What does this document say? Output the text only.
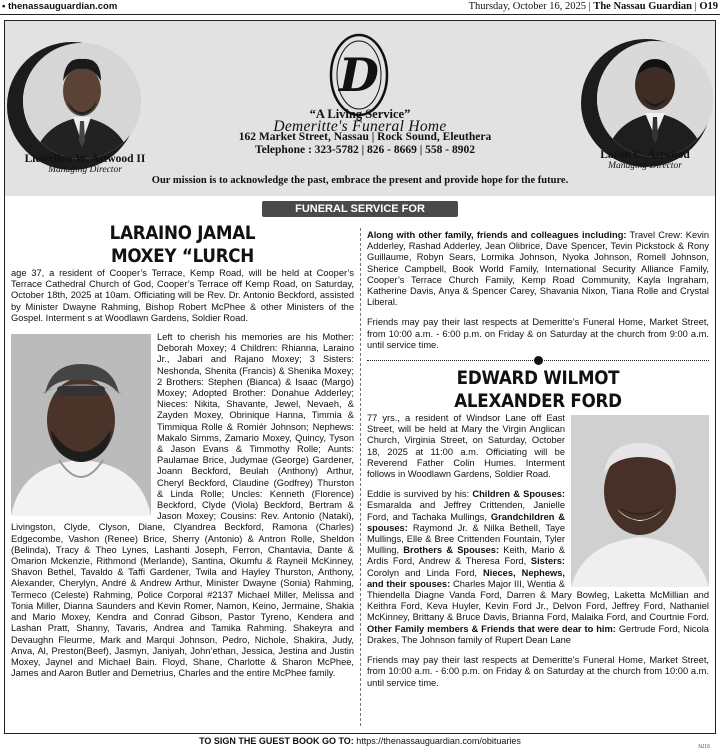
▪ thenassauguardian.com	Thursday, October 16, 2025 | The Nassau Guardian | O19
Llewellyn W. Astwood II
Managing Director
Laron C. Astwood
Managing Director
D
“A Living Service”
Demeritte's Funeral Home
162 Market Street, Nassau | Rock Sound, Eleuthera
Telephone : 323-5782 | 826 - 8669 | 558 - 8902
Our mission is to acknowledge the past, embrace the present and provide hope for the future.
FUNERAL SERVICE FOR
LARAINO JAMAL
MOXEY “LURCH

age 37, a resident of Cooper’s Terrace, Kemp Road, will be held at Cooper’s Terrace Cathedral Church of God, Cooper’s Terrace off Kemp Road, on Saturday, October 18th, 2025 at 10am. Officiating will be Rev. Dr. Antonio Beckford, assisted by Minister Dwayne Rahming, Bishop Robert McPhee & other Ministers of the Gospel. Interment s at Woodlawn Gardens, Soldier Road.

Left to cherish his memories are his Mother: Deborah Moxey; 4 Children: Rhianna, Laraino Jr., Jabari and Rajano Moxey; 3 Sisters: Neshonda, Shenita (Francis) & Shenika Moxey; 2 Brothers: Stephen (Bianca) & Isaac (Margo) Moxey; Adopted Brother: Donahue Adderley; Nieces: Nikita, Shavante, Jewel, Nevaeh, & Zayden Moxey, Obrinique Hanna, Timmia & Timmiqua Rolle & Romiér Johnson; Nephews: Makalo Simms, Zamario Moxey, Quincy, Tyson & Jason Evans & Timmothy Rolle; Aunts: Paulamae Brice, Judymae (George) Gardener, Joann Beckford, Beulah (Anthony) Arthur, Cheryl Beckford, Claudine (Godfrey) Thurston & Linda Rolle; Uncles: Kenneth (Florence) Beckford, Clyde (Viola) Beckford, Bertram & Jason Moxey; Cousins: Rev. Antonio (Nataki), Livingston, Clyde, Clyson, Diane, Clyandrea Beckford, Ramona (Charles) Edgecombe, Vashon (Renee) Brice, Sherry (Antonio) & Antron Rolle, Sheldon (Belinda), Tracy & Theo Lynes, Lashanti Joseph, Ferron, Chantavia, Dante & Omarion Mckenzie, Rithmond (Merlande), Santina, Okumfu & Rayneil McKinney, Shavon Bethel, Tavaldo & Taffi Gardener, Twila and Hayley Thurston, Anthony, Alexander, Cherylyn, André & Andrew Arthur, Minister Dwayne (Sonia) Rahming, Termeco (Celeste) Rahming, Police Corporal #2137 Michael Miller, Melissa and Tonia Miller, Dianna Saunders and Kevin Romer, Namon, Keino, Jermaine, Shakia and Mario Moxey, Kendra and Conrad Gibson, Pastor Tyreno, Kendera and Lashan Pratt, Shanny, Tavaris, Andrea and Tamika Rahming. Shakeyra and Devaughn Fleurme, Mark and Marqui Johnson, Pedro, Nichole, Shakira, Judy, Anva, Al, Preston(Beef), Jasmyn, Janiyah, John’ethan, Jessica, Jestina and Justin Moxey, Jaynel and Michael Bain. Floyd, Shane, Charlotte & Sharon McPhee, James and Aaron Butler and Demetrius, Charles and the entire McPhee family.

Along with other family, friends and colleagues including: Travel Crew: Kevin Adderley, Rashad Adderley, Jean Olibrice, Dave Spencer, Tevin Pickstock & Rony Guillaume, Robyn Sears, Lormika Johnson, Nyoka Johnson, Romell Johnson, Sherice Campbell, Book World Family, International Security Alliance Family, Cooper’s Terrace Church Family, Kemp Road Community, Kayla Ingraham, Katherine Davis, Anya & Spencer Carey, Shavania Nixon, Tiana Rolle and Crystal Liberal.

Friends may pay their last respects at Demeritte’s Funeral Home, Market Street, from 10:00 a.m. - 6:00 p.m. on Friday & on Saturday at the church from 9:00 a.m. until service time.

EDWARD WILMOT
ALEXANDER FORD

77 yrs., a resident of Windsor Lane off East Street, will be held at Mary the Virgin Anglican Church, Virginia Street, on Saturday, October 18, 2025 at 11:00 a.m. Officiating will be Reverend Father Colin Humes. Interment follows in Woodlawn Gardens, Soldier Road.

Eddie is survived by his: Children & Spouses: Esmaralda and Jeffrey Crittenden, Janielle Ford, and Tachaka Mullings, Grandchildren & spouses: Raymond Jr. & Nilka Bethell, Taye Mullings, Elle & Bree Crittenden Fountain, Tyler Mulling, Brothers & Spouses: Keith, Mario & Ardis Ford, Andrew & Theresa Ford, Sisters: Corolyn and Linda Ford, Nieces, Nephews, and their spouses: Charles Major III, Wentia & Thiendella Diagne Vanda Ford, Darren & Mary Bowleg, Laketta McMillian and Keithra Ford, Keva Huyler, Kevin Ford Jr., Delvon Ford, Jeffrey Ford, Nathaniel McKinney, Brittany & Bruce Davis, Brianna Ford, Malaika Ford, and Courtnie Ford. Other Family members & Friends that were dear to him: Gertrude Ford, Nicola Drakes, The Johnson family of Rupert Dean Lane

Friends may pay their last respects at Demeritte’s Funeral Home, Market Street, from 10:00 a.m. - 6:00 p.m. on Friday & on Saturday at the church from 10:00 a.m. until service time.

TO SIGN THE GUEST BOOK GO TO: https://thenassauguardian.com/obituaries
NJ16
